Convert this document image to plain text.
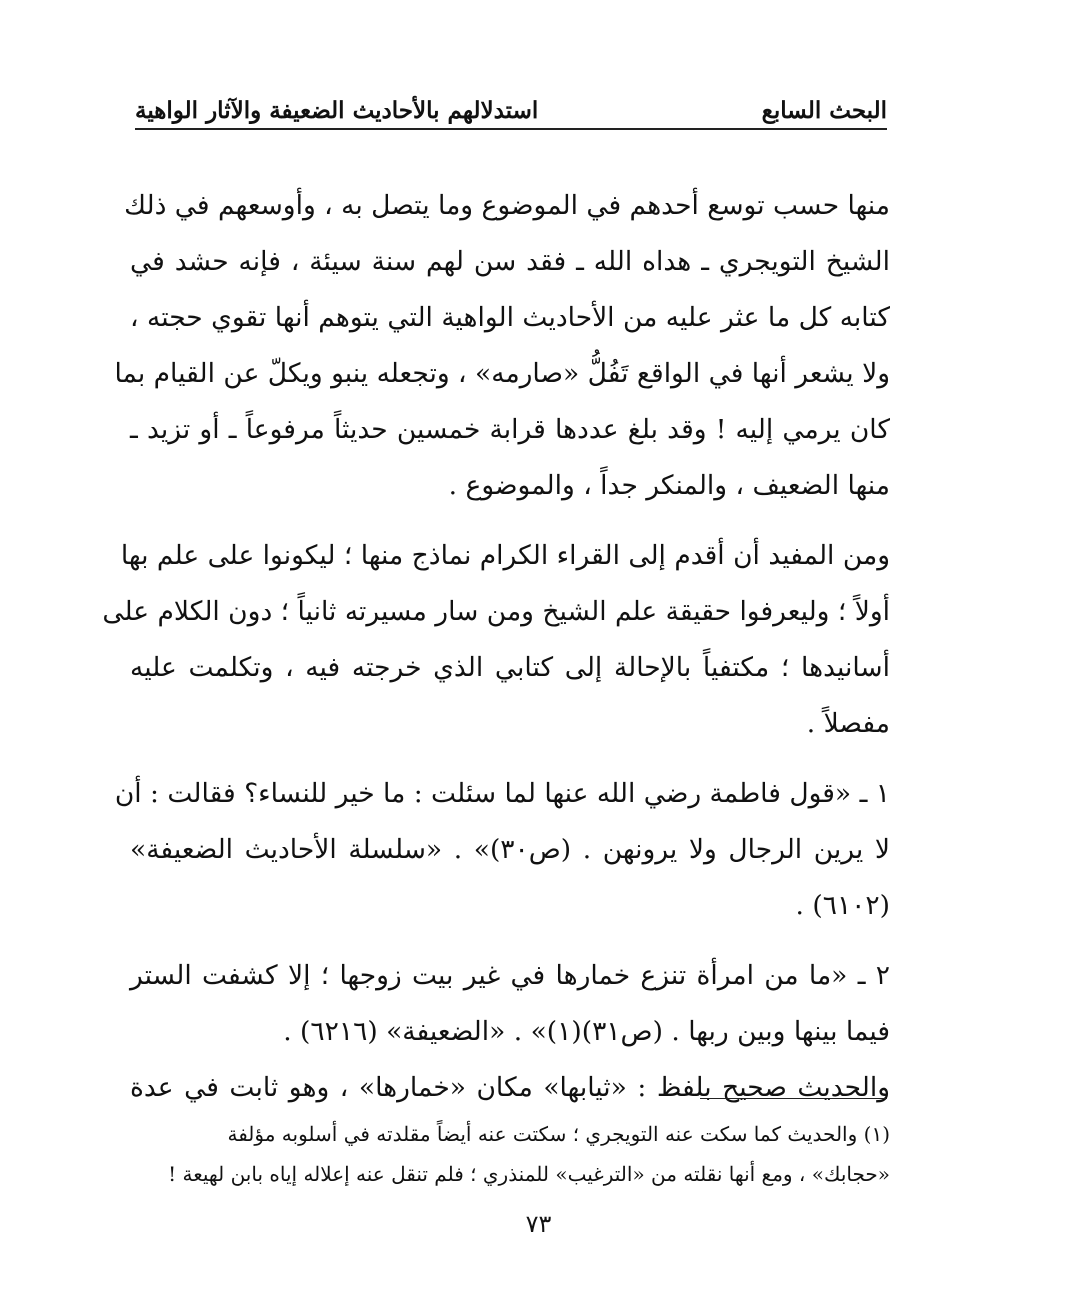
البحث السابع
استدلالهم بالأحاديث الضعيفة والآثار الواهية

منها حسب توسع أحدهم في الموضوع وما يتصل به ، وأوسعهم في ذلك
الشيخ التويجري ـ هداه الله ـ فقد سن لهم سنة سيئة ، فإنه حشد في
كتابه كل ما عثر عليه من الأحاديث الواهية التي يتوهم أنها تقوي حجته ،
ولا يشعر أنها في الواقع تَفُلُّ «صارمه» ، وتجعله ينبو ويكلّ عن القيام بما
كان يرمي إليه ! وقد بلغ عددها قرابة خمسين حديثاً مرفوعاً ـ أو تزيد ـ
منها الضعيف ، والمنكر جداً ، والموضوع .

ومن المفيد أن أقدم إلى القراء الكرام نماذج منها ؛ ليكونوا على علم بها
أولاً ؛ وليعرفوا حقيقة علم الشيخ ومن سار مسيرته ثانياً ؛ دون الكلام على
أسانيدها ؛ مكتفياً بالإحالة إلى كتابي الذي خرجته فيه ، وتكلمت عليه
مفصلاً .

١ ـ «قول فاطمة رضي الله عنها لما سئلت : ما خير للنساء؟ فقالت : أن
لا يرين الرجال ولا يرونهن . (ص٣٠)» . «سلسلة الأحاديث الضعيفة»
(٦١٠٢) .

٢ ـ «ما من امرأة تنزع خمارها في غير بيت زوجها ؛ إلا كشفت الستر
فيما بينها وبين ربها . (ص٣١)(١)» . «الضعيفة» (٦٢١٦) .

والحديث صحيح بلفظ : «ثيابها» مكان «خمارها» ، وهو ثابت في عدة

(١) والحديث كما سكت عنه التويجري ؛ سكتت عنه أيضاً مقلدته في أسلوبه مؤلفة
«حجابك» ، ومع أنها نقلته من «الترغيب» للمنذري ؛ فلم تنقل عنه إعلاله إياه بابن لهيعة !
٧٣
